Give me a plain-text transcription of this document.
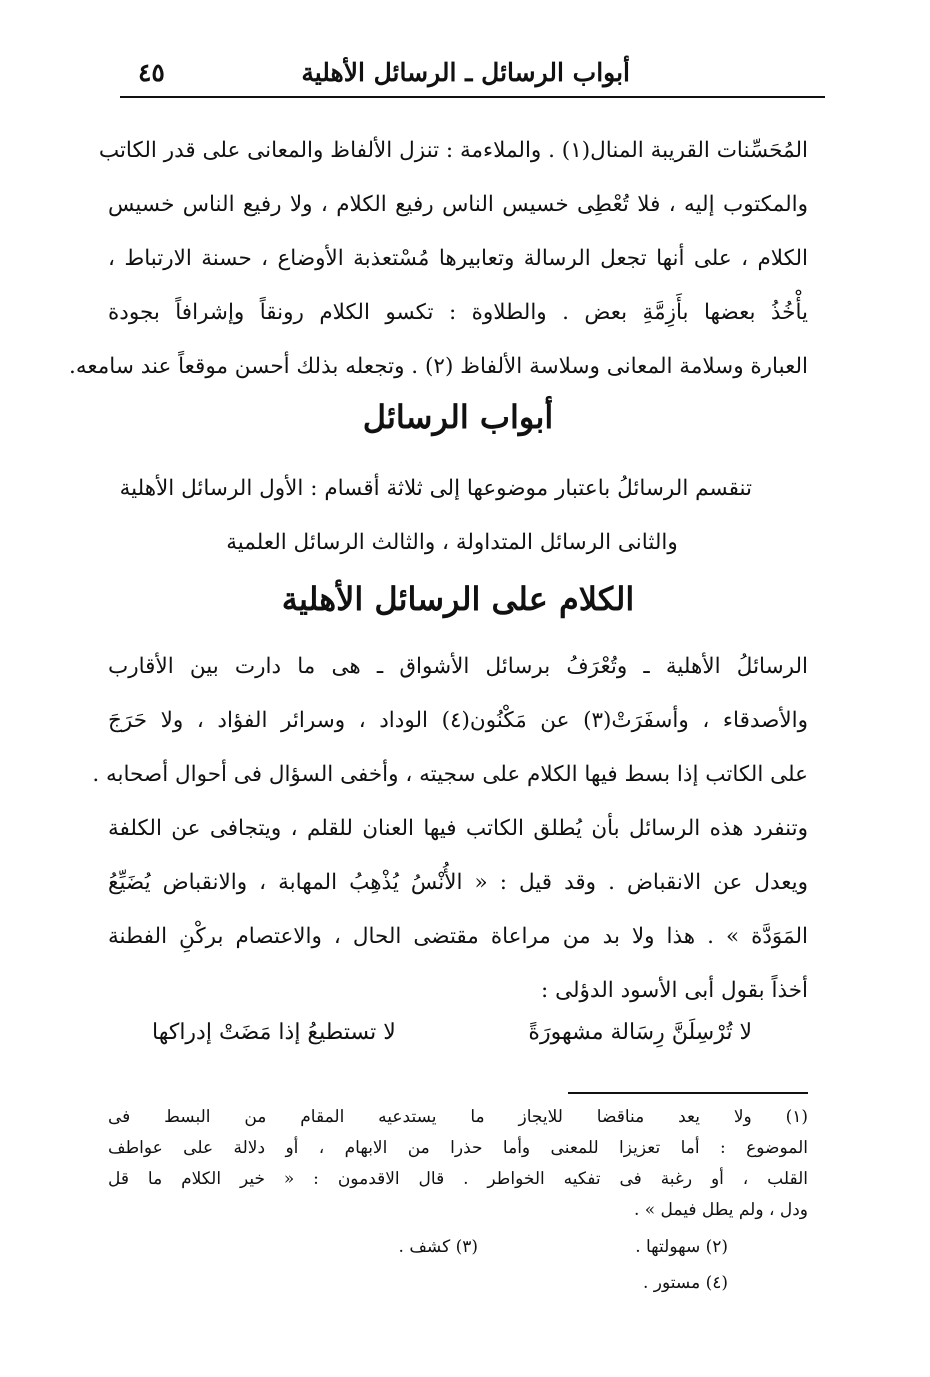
أبواب الرسائل ـ الرسائل الأهلية
٤٥
المُحَسِّنات القريبة المنال(١) . والملاءمة : تنزل الألفاظ والمعانى على قدر الكاتب
والمكتوب إليه ، فلا تُعْطِى خسيس الناس رفيع الكلام ، ولا رفيع الناس خسيس
الكلام ، على أنها تجعل الرسالة وتعابيرها مُسْتعذبة الأوضاع ، حسنة الارتباط ،
يأْخُذُ بعضها بأَزِمَّةِ بعض . والطلاوة : تكسو الكلام رونقاً وإشرافاً بجودة
العبارة وسلامة المعانى وسلاسة الألفاظ (٢) . وتجعله بذلك أحسن موقعاً عند سامعه.
أبواب الرسائل
تنقسم الرسائلُ باعتبار موضوعها إلى ثلاثة أقسام : الأول الرسائل الأهلية
والثانى الرسائل المتداولة ، والثالث الرسائل العلمية
الكلام على الرسائل الأهلية
الرسائلُ الأهلية ـ وتُعْرَفُ برسائل الأشواق ـ هى ما دارت بين الأقارب
والأصدقاء ، وأسفَرَتْ(٣) عن مَكْنُون(٤) الوداد ، وسرائر الفؤاد ، ولا حَرَجَ
على الكاتب إذا بسط فيها الكلام على سجيته ، وأخفى السؤال فى أحوال أصحابه .
وتنفرد هذه الرسائل بأن يُطلق الكاتب فيها العنان للقلم ، ويتجافى عن الكلفة
ويعدل عن الانقباض . وقد قيل : « الأُنْسُ يُذْهِبُ المهابة ، والانقباض يُضَيِّعُ
المَوَدَّة » . هذا ولا بد من مراعاة مقتضى الحال ، والاعتصام بركْنِ الفطنة
أخذاً بقول أبى الأسود الدؤلى :
لا تُرْسِلَنَّ رِسَالة مشهورَةً
لا تستطيعُ إذا مَضَتْ إدراكها
(١) ولا يعد مناقضا للايجاز ما يستدعيه المقام من البسط فى
الموضوع : أما تعزيزا للمعنى وأما حذرا من الابهام ، أو دلالة على عواطف
القلب ، أو رغبة فى تفكيه الخواطر . قال الاقدمون : « خير الكلام ما قل
ودل ، ولم يطل فيمل » .
(٢) سهولتها .
(٣) كشف .
(٤) مستور .
